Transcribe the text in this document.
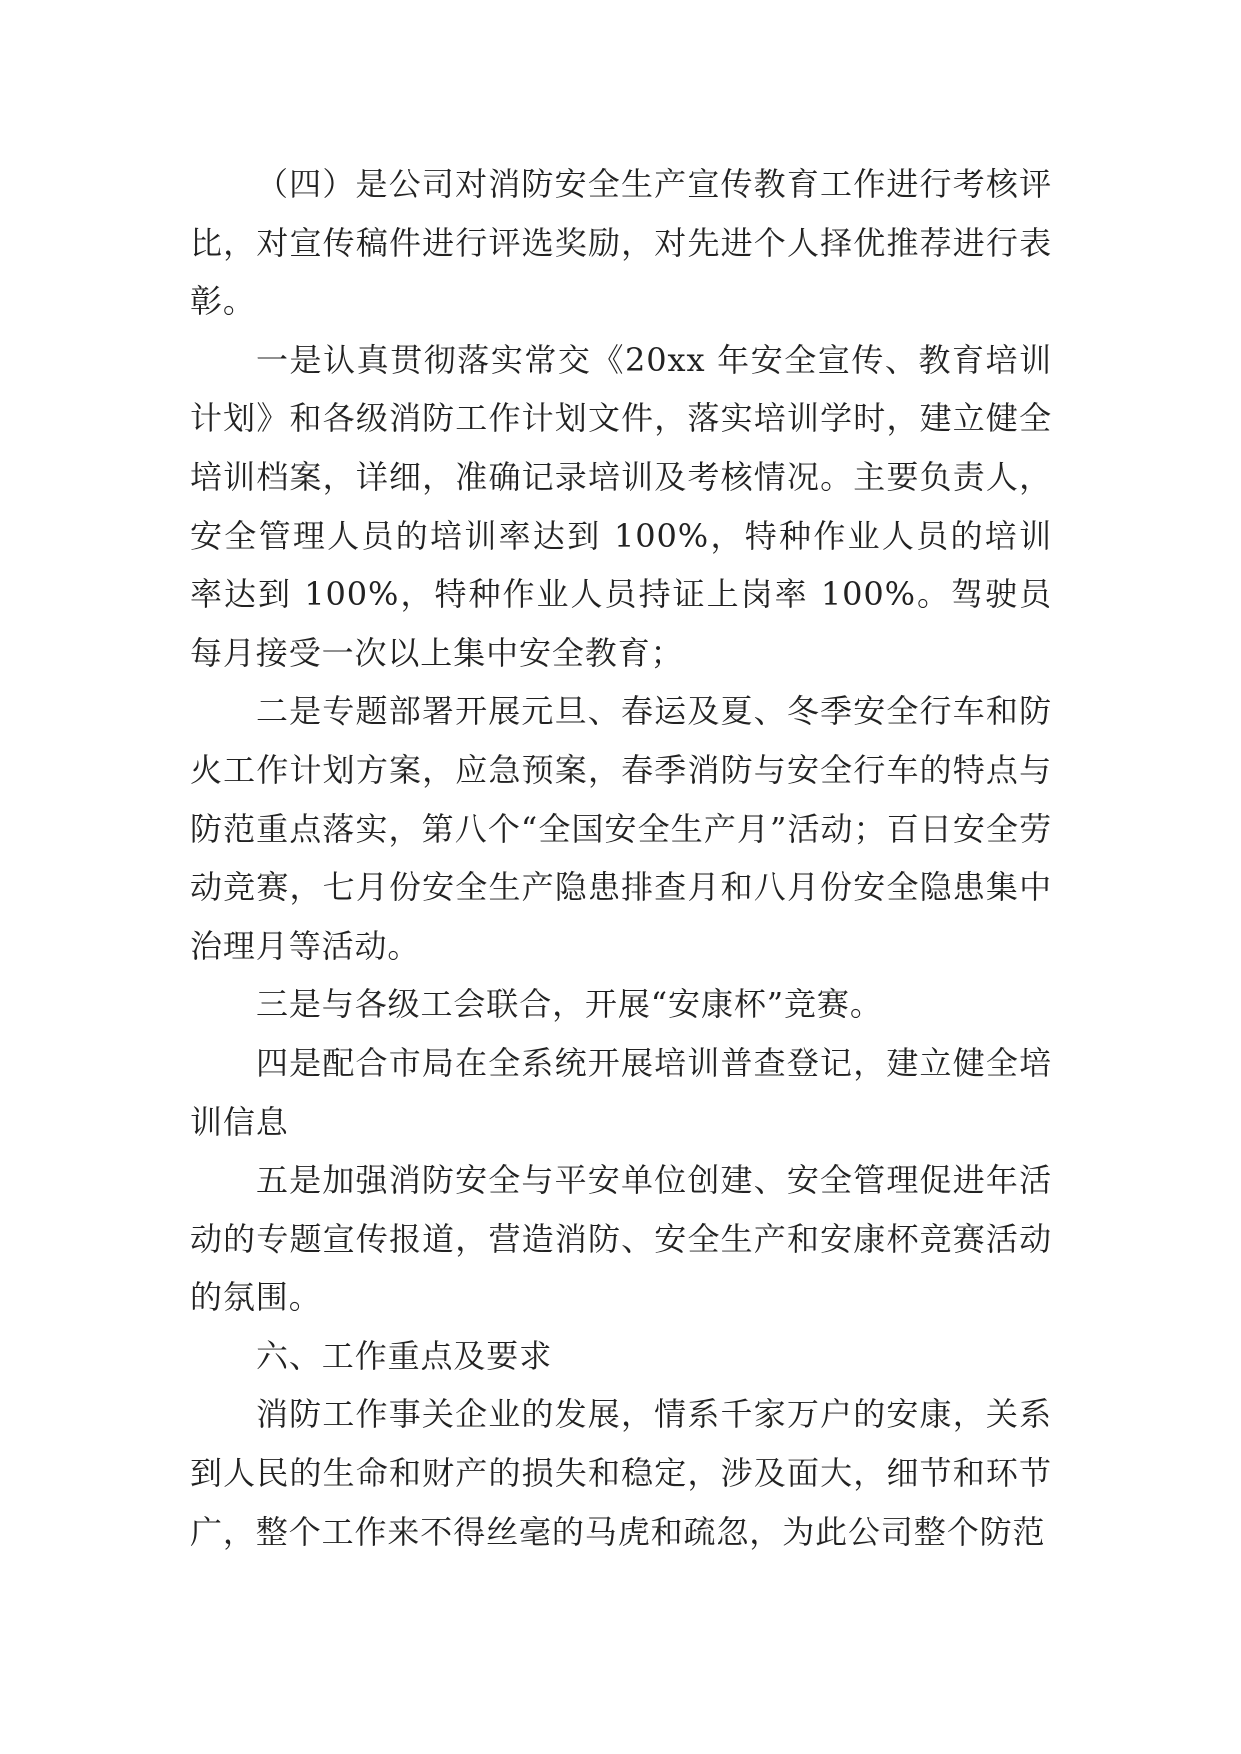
（四）是公司对消防安全生产宣传教育工作进行考核评比，对宣传稿件进行评选奖励，对先进个人择优推荐进行表彰。

一是认真贯彻落实常交《20xx 年安全宣传、教育培训计划》和各级消防工作计划文件，落实培训学时，建立健全培训档案，详细，准确记录培训及考核情况。主要负责人，安全管理人员的培训率达到 100%，特种作业人员的培训率达到 100%，特种作业人员持证上岗率 100%。驾驶员每月接受一次以上集中安全教育；

二是专题部署开展元旦、春运及夏、冬季安全行车和防火工作计划方案，应急预案，春季消防与安全行车的特点与防范重点落实，第八个“全国安全生产月”活动；百日安全劳动竞赛，七月份安全生产隐患排查月和八月份安全隐患集中治理月等活动。

三是与各级工会联合，开展“安康杯”竞赛。

四是配合市局在全系统开展培训普查登记，建立健全培训信息

五是加强消防安全与平安单位创建、安全管理促进年活动的专题宣传报道，营造消防、安全生产和安康杯竞赛活动的氛围。

六、工作重点及要求

消防工作事关企业的发展，情系千家万户的安康，关系到人民的生命和财产的损失和稳定，涉及面大，细节和环节广，整个工作来不得丝毫的马虎和疏忽，为此公司整个防范
